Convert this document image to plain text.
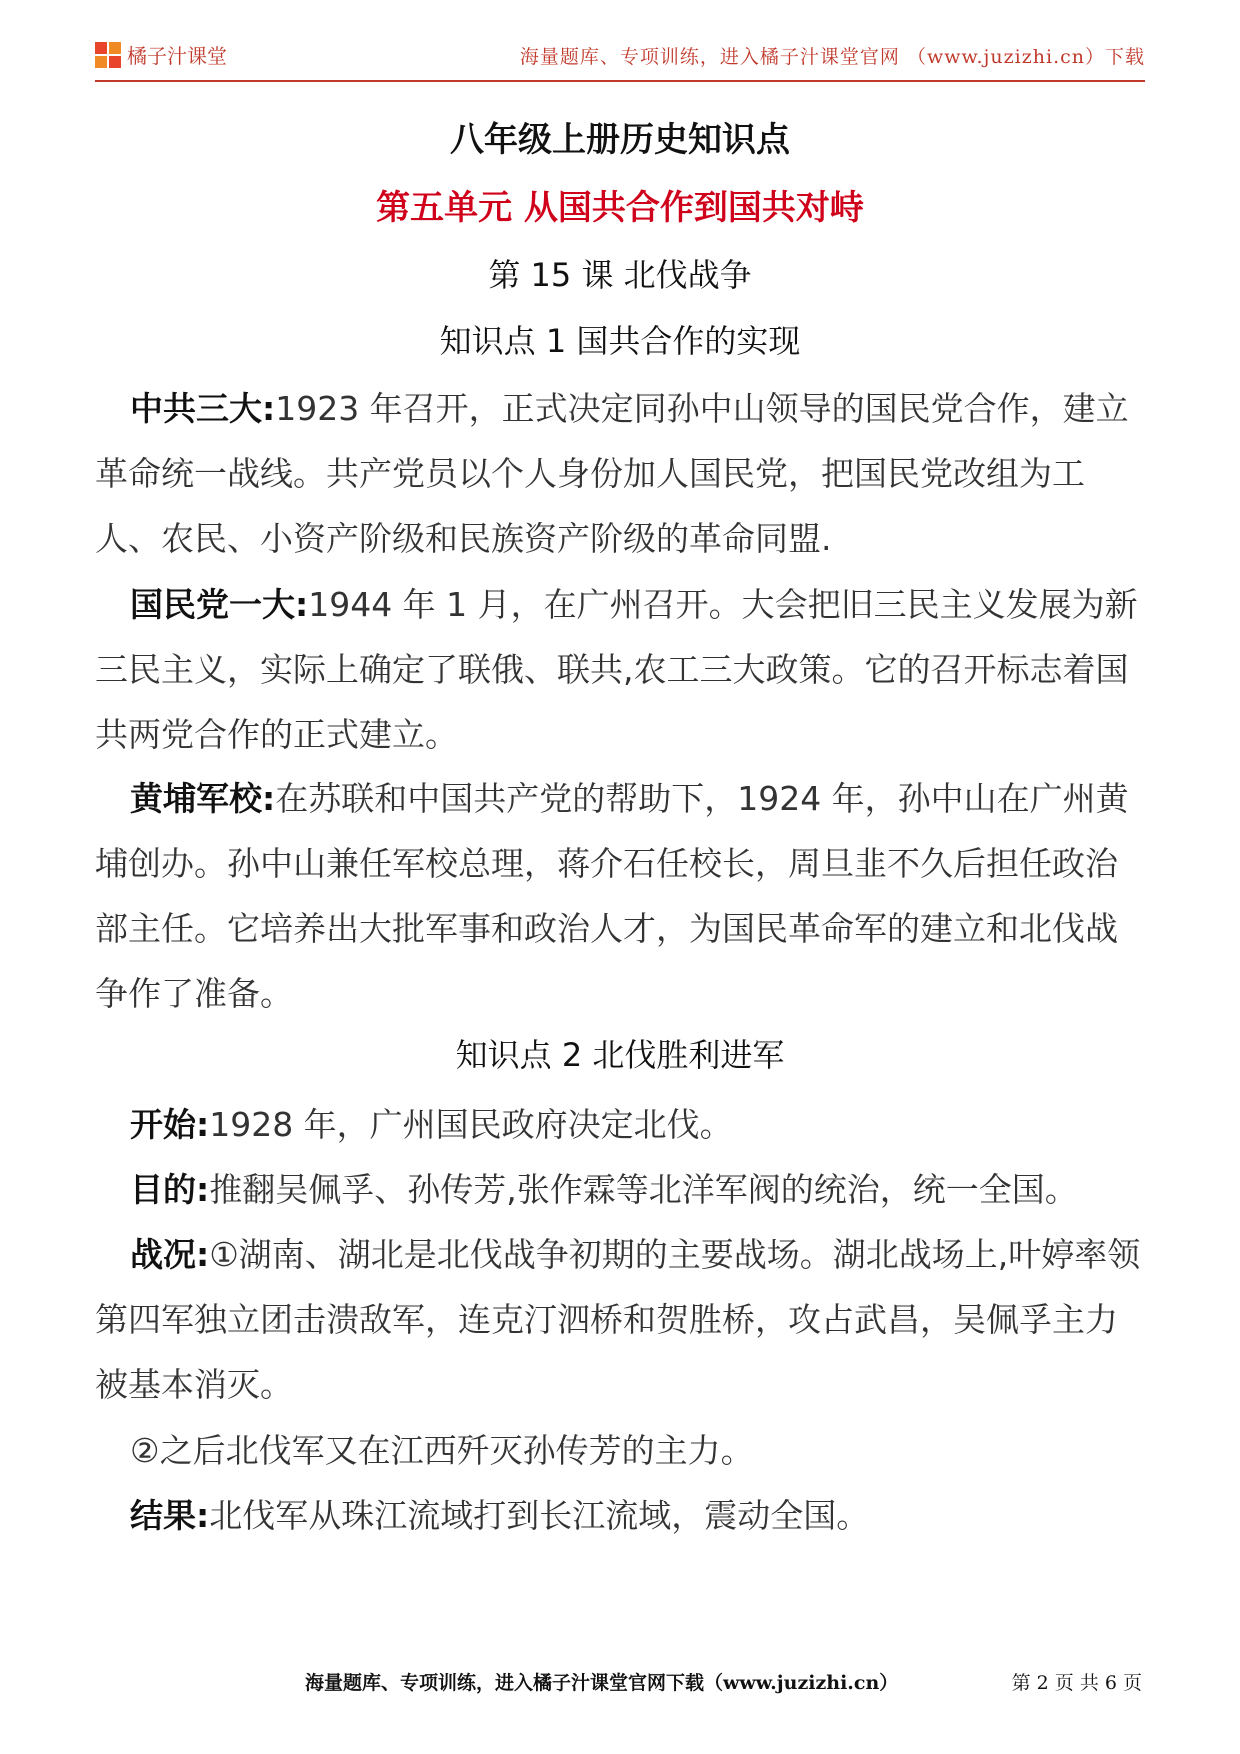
橘子汁课堂	海量题库、专项训练，进入橘子汁课堂官网 （www.juzizhi.cn）下载
八年级上册历史知识点
第五单元 从国共合作到国共对峙
第 15 课 北伐战争
知识点 1 国共合作的实现
中共三大:1923 年召开，正式决定同孙中山领导的国民党合作，建立革命统一战线。共产党员以个人身份加人国民党，把国民党改组为工人、农民、小资产阶级和民族资产阶级的革命同盟.
国民党一大:1944 年 1 月，在广州召开。大会把旧三民主义发展为新三民主义，实际上确定了联俄、联共,农工三大政策。它的召开标志着国共两党合作的正式建立。
黄埔军校:在苏联和中国共产党的帮助下，1924 年，孙中山在广州黄埔创办。孙中山兼任军校总理，蒋介石任校长，周旦韭不久后担任政治部主任。它培养出大批军事和政治人才，为国民革命军的建立和北伐战争作了准备。
知识点 2 北伐胜利进军
开始:1928 年，广州国民政府决定北伐。
目的:推翻吴佩孚、孙传芳,张作霖等北洋军阀的统治，统一全国。
战况:①湖南、湖北是北伐战争初期的主要战场。湖北战场上,叶婷率领第四军独立团击溃敌军，连克汀泗桥和贺胜桥，攻占武昌，吴佩孚主力被基本消灭。
②之后北伐军又在江西歼灭孙传芳的主力。
结果:北伐军从珠江流域打到长江流域，震动全国。
海量题库、专项训练，进入橘子汁课堂官网下载（www.juzizhi.cn）	第 2 页 共 6 页
